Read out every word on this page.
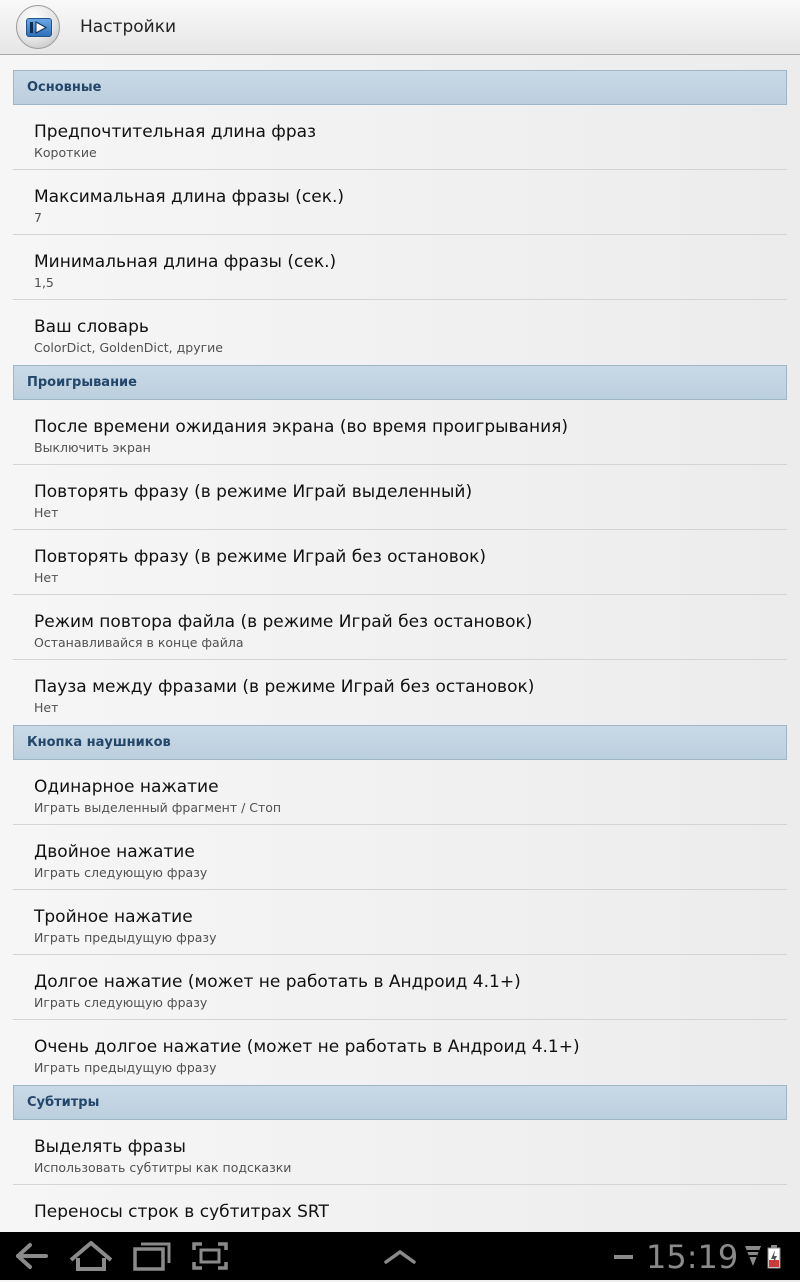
Настройки
Основные
Предпочтительная длина фраз
Короткие
Максимальная длина фразы (сек.)
7
Минимальная длина фразы (сек.)
1,5
Ваш словарь
ColorDict, GoldenDict, другие
Проигрывание
После времени ожидания экрана (во время проигрывания)
Выключить экран
Повторять фразу (в режиме Играй выделенный)
Нет
Повторять фразу (в режиме Играй без остановок)
Нет
Режим повтора файла (в режиме Играй без остановок)
Останавливайся в конце файла
Пауза между фразами (в режиме Играй без остановок)
Нет
Кнопка наушников
Одинарное нажатие
Играть выделенный фрагмент / Стоп
Двойное нажатие
Играть следующую фразу
Тройное нажатие
Играть предыдущую фразу
Долгое нажатие (может не работать в Андроид 4.1+)
Играть следующую фразу
Очень долгое нажатие (может не работать в Андроид 4.1+)
Играть предыдущую фразу
Субтитры
Выделять фразы
Использовать субтитры как подсказки
Переносы строк в субтитрах SRT
15:19
